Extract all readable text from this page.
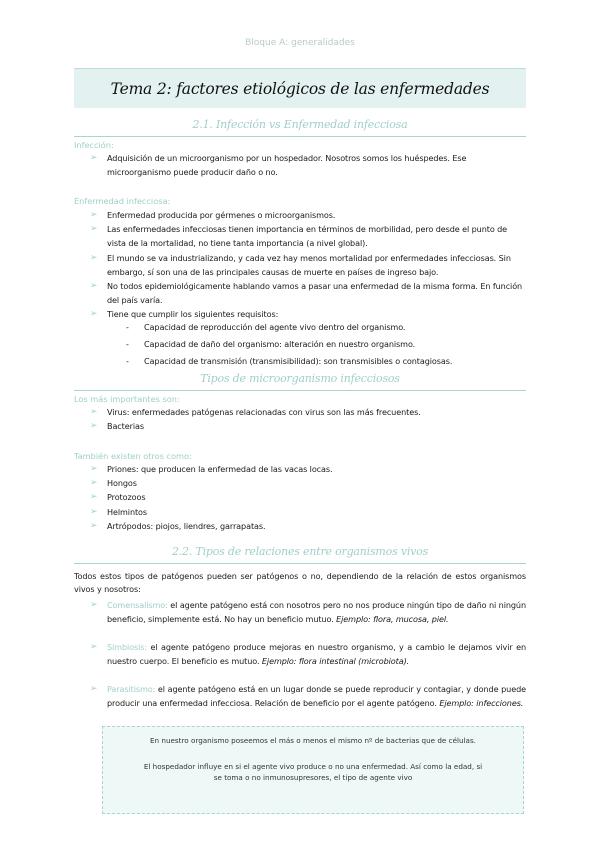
Bloque A: generalidades
Tema 2: factores etiológicos de las enfermedades
2.1. Infección vs Enfermedad infecciosa
Infección:
➢ Adquisición de un microorganismo por un hospedador. Nosotros somos los huéspedes. Ese microorganismo puede producir daño o no.
Enfermedad infecciosa:
➢ Enfermedad producida por gérmenes o microorganismos.
➢ Las enfermedades infecciosas tienen importancia en términos de morbilidad, pero desde el punto de vista de la mortalidad, no tiene tanta importancia (a nivel global).
➢ El mundo se va industrializando, y cada vez hay menos mortalidad por enfermedades infecciosas. Sin embargo, sí son una de las principales causas de muerte en países de ingreso bajo.
➢ No todos epidemiológicamente hablando vamos a pasar una enfermedad de la misma forma. En función del país varía.
➢ Tiene que cumplir los siguientes requisitos:
- Capacidad de reproducción del agente vivo dentro del organismo.
- Capacidad de daño del organismo: alteración en nuestro organismo.
- Capacidad de transmisión (transmisibilidad): son transmisibles o contagiosas.
Tipos de microorganismo infecciosos
Los más importantes son:
➢ Virus: enfermedades patógenas relacionadas con virus son las más frecuentes.
➢ Bacterias
También existen otros como:
➢ Priones: que producen la enfermedad de las vacas locas.
➢ Hongos
➢ Protozoos
➢ Helmintos
➢ Artrópodos: piojos, liendres, garrapatas.
2.2. Tipos de relaciones entre organismos vivos
Todos estos tipos de patógenos pueden ser patógenos o no, dependiendo de la relación de estos organismos vivos y nosotros:
➢ Comensalismo: el agente patógeno está con nosotros pero no nos produce ningún tipo de daño ni ningún beneficio, simplemente está. No hay un beneficio mutuo. Ejemplo: flora, mucosa, piel.
➢ Simbiosis: el agente patógeno produce mejoras en nuestro organismo, y a cambio le dejamos vivir en nuestro cuerpo. El beneficio es mutuo. Ejemplo: flora intestinal (microbiota).
➢ Parasitismo: el agente patógeno está en un lugar donde se puede reproducir y contagiar, y donde puede producir una enfermedad infecciosa. Relación de beneficio por el agente patógeno. Ejemplo: infecciones.

En nuestro organismo poseemos el más o menos el mismo nº de bacterias que de células.

El hospedador influye en si el agente vivo produce o no una enfermedad. Así como la edad, si se toma o no inmunosupresores, el tipo de agente vivo
